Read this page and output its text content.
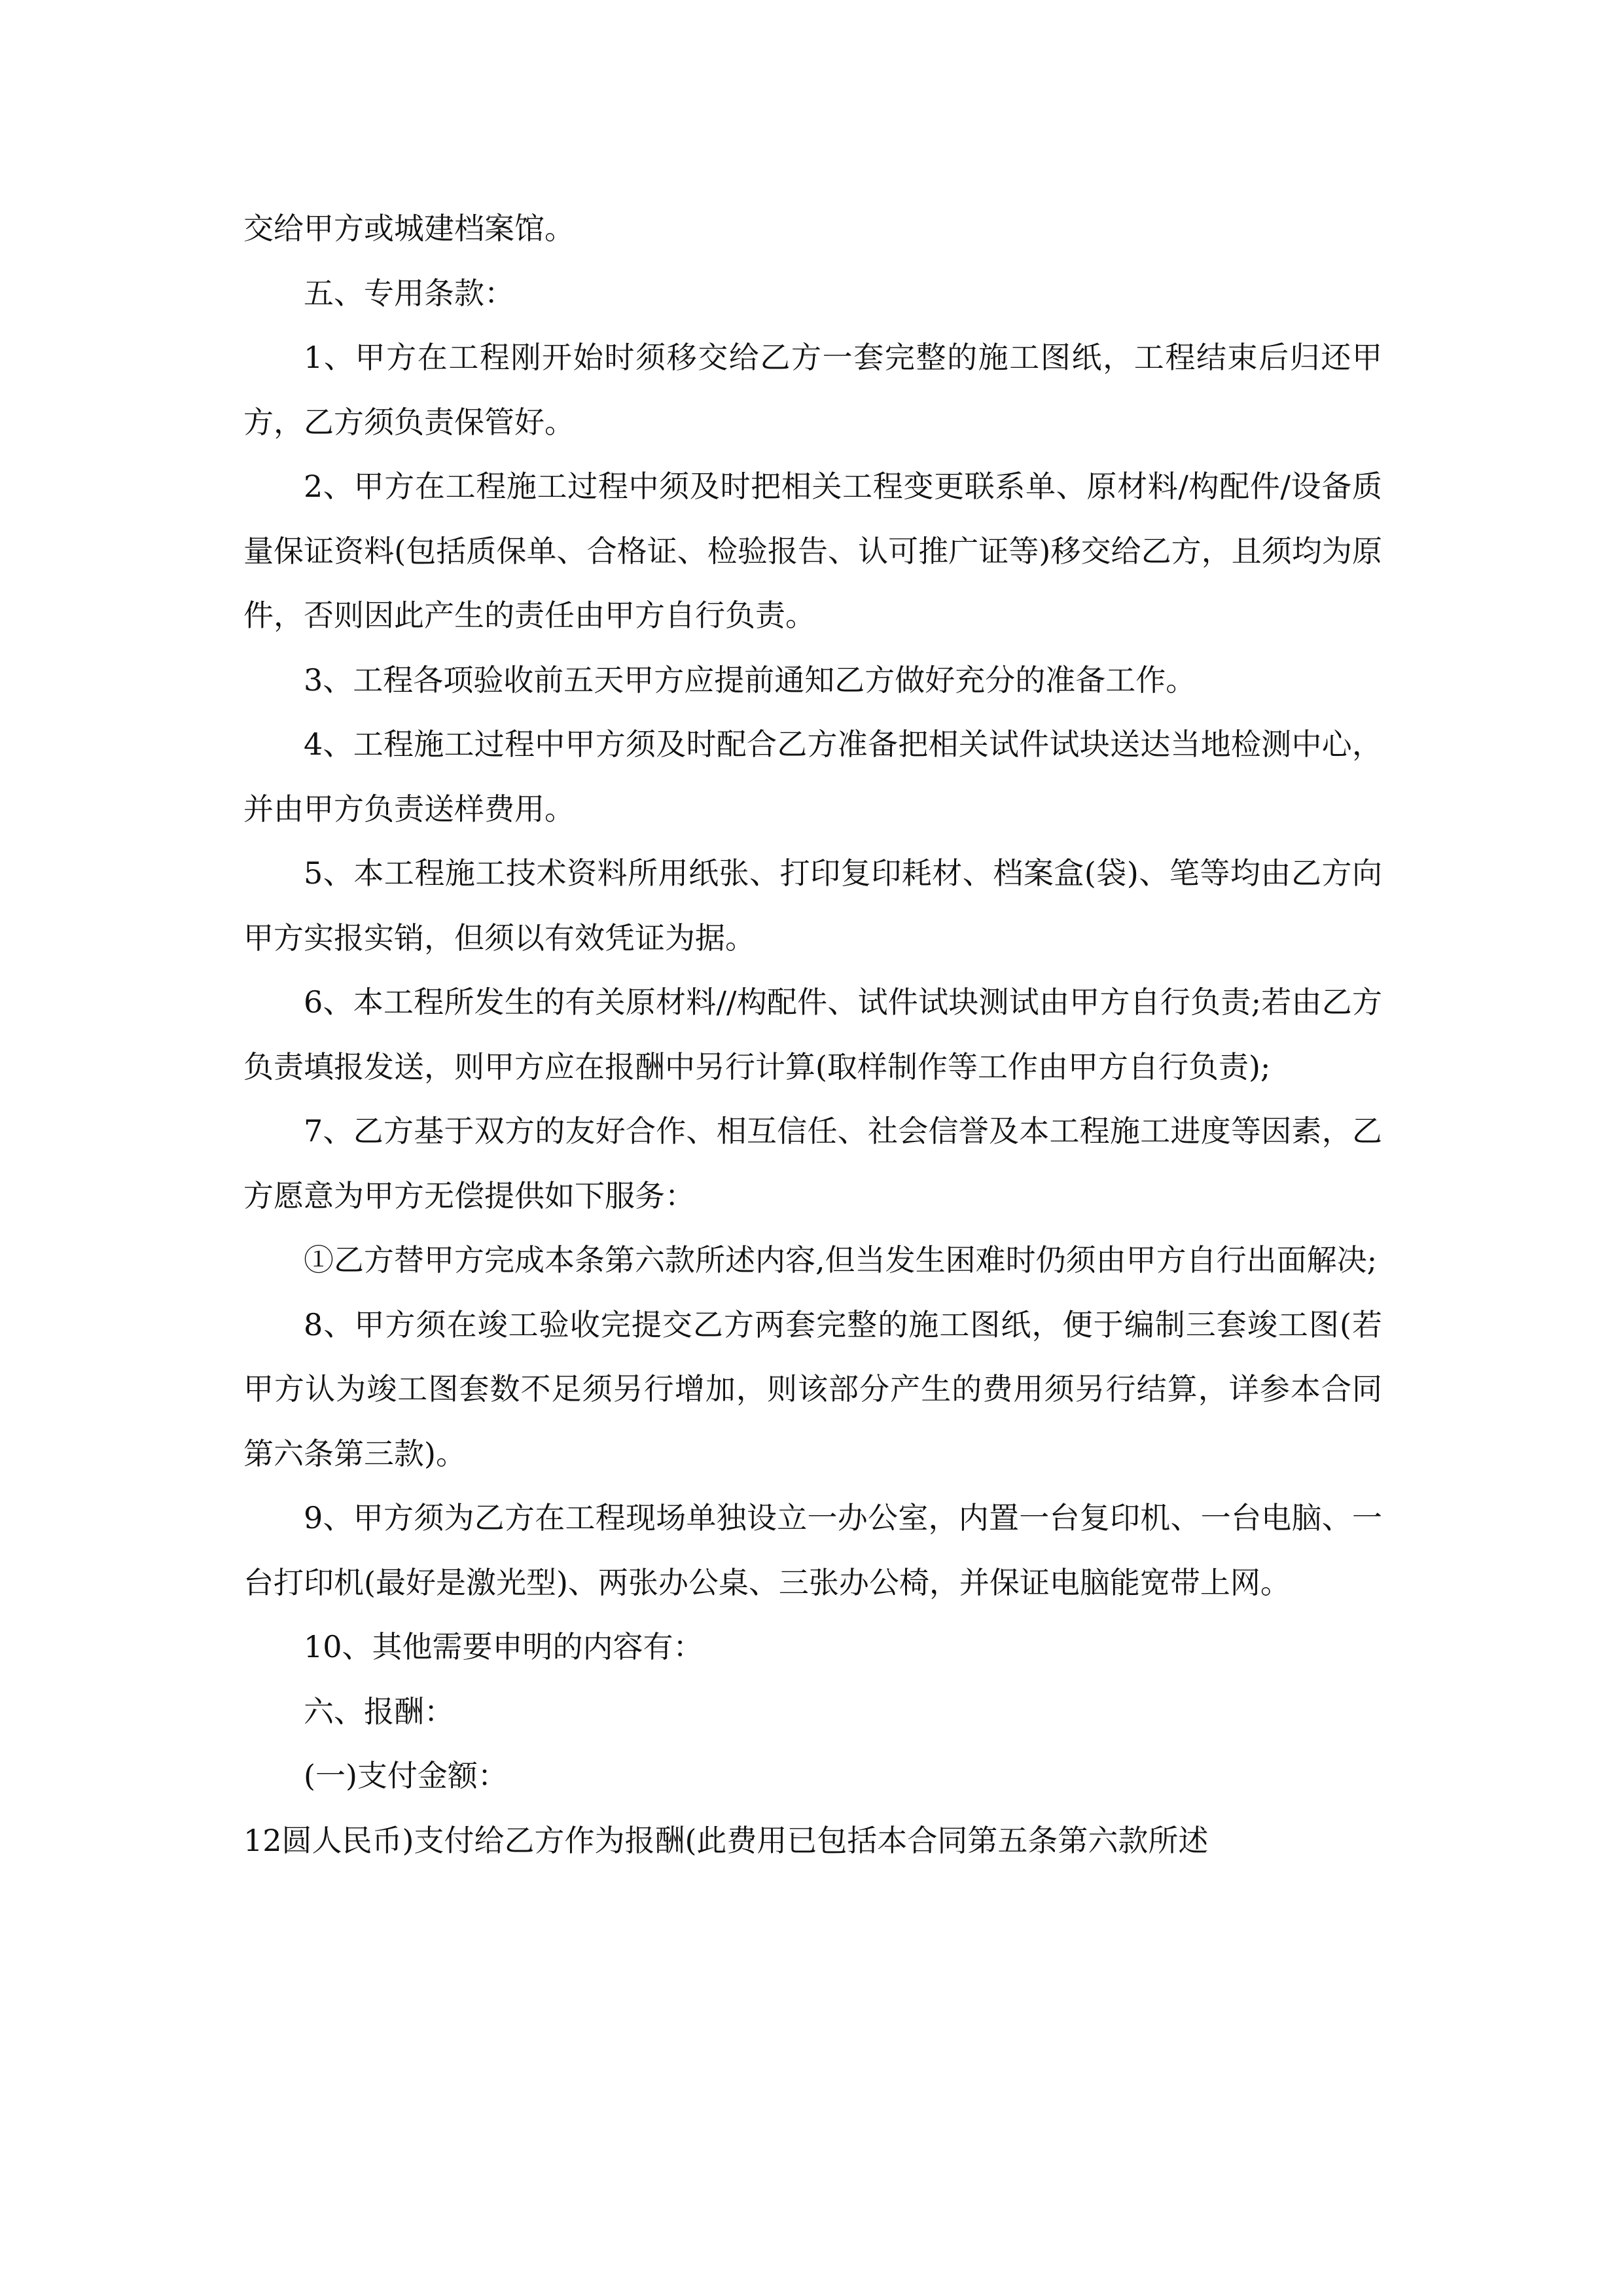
交给甲方或城建档案馆。

五、专用条款：

1、甲方在工程刚开始时须移交给乙方一套完整的施工图纸，工程结束后归还甲方，乙方须负责保管好。

2、甲方在工程施工过程中须及时把相关工程变更联系单、原材料/构配件/设备质量保证资料(包括质保单、合格证、检验报告、认可推广证等)移交给乙方，且须均为原件，否则因此产生的责任由甲方自行负责。

3、工程各项验收前五天甲方应提前通知乙方做好充分的准备工作。

4、工程施工过程中甲方须及时配合乙方准备把相关试件试块送达当地检测中心，并由甲方负责送样费用。

5、本工程施工技术资料所用纸张、打印复印耗材、档案盒(袋)、笔等均由乙方向甲方实报实销，但须以有效凭证为据。

6、本工程所发生的有关原材料//构配件、试件试块测试由甲方自行负责;若由乙方负责填报发送，则甲方应在报酬中另行计算(取样制作等工作由甲方自行负责);

7、乙方基于双方的友好合作、相互信任、社会信誉及本工程施工进度等因素，乙方愿意为甲方无偿提供如下服务：

①乙方替甲方完成本条第六款所述内容,但当发生困难时仍须由甲方自行出面解决;

8、甲方须在竣工验收完提交乙方两套完整的施工图纸，便于编制三套竣工图(若甲方认为竣工图套数不足须另行增加，则该部分产生的费用须另行结算，详参本合同第六条第三款)。

9、甲方须为乙方在工程现场单独设立一办公室，内置一台复印机、一台电脑、一台打印机(最好是激光型)、两张办公桌、三张办公椅，并保证电脑能宽带上网。

10、其他需要申明的内容有：

六、报酬：

(一)支付金额：

12圆人民币)支付给乙方作为报酬(此费用已包括本合同第五条第六款所述
